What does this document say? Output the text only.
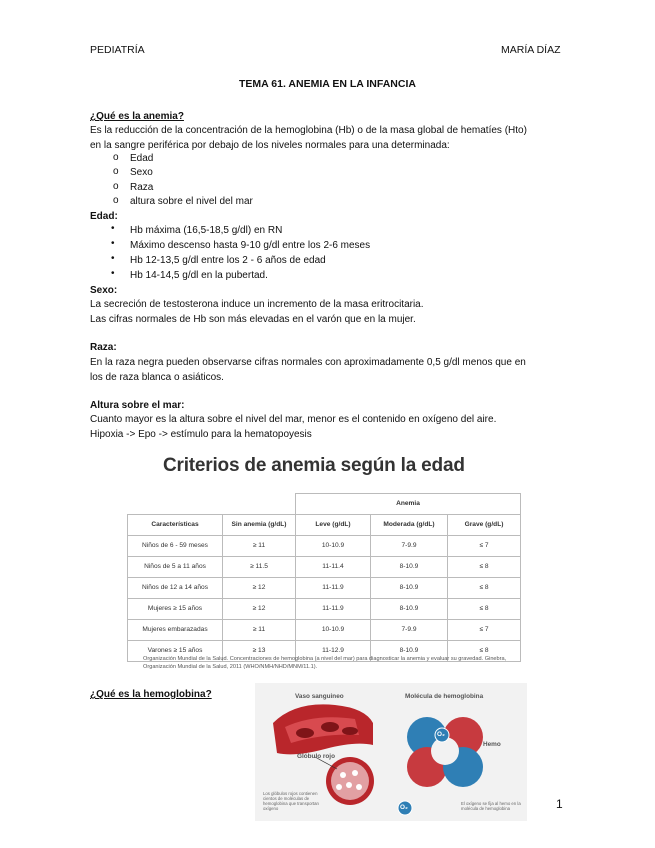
PEDIATRÍA	MARÍA DÍAZ
TEMA 61. ANEMIA EN LA INFANCIA
¿Qué es la anemia?
Es la reducción de la concentración de la hemoglobina (Hb) o de la masa global de hematíes (Hto)
en la sangre periférica por debajo de los niveles normales para una determinada:
o Edad
o Sexo
o Raza
o altura sobre el nivel del mar
Edad:
• Hb máxima (16,5-18,5 g/dl) en RN
• Máximo descenso hasta 9-10 g/dl entre los 2-6 meses
• Hb 12-13,5 g/dl entre los 2 - 6 años de edad
• Hb 14-14,5 g/dl en la pubertad.
Sexo:
La secreción de testosterona induce un incremento de la masa eritrocitaria.
Las cifras normales de Hb son más elevadas en el varón que en la mujer.
Raza:
En la raza negra pueden observarse cifras normales con aproximadamente 0,5 g/dl menos que en
los de raza blanca o asiáticos.
Altura sobre el mar:
Cuanto mayor es la altura sobre el nivel del mar, menor es el contenido en oxígeno del aire.
Hipoxia -> Epo -> estímulo para la hematopoyesis
Criterios de anemia según la edad
		Anemia		
Características	Sin anemia (g/dL)	Leve (g/dL)	Moderada (g/dL)	Grave (g/dL)
Niños de 6 - 59 meses	≥ 11	10-10.9	7-9.9	≤ 7
Niños de 5 a 11 años	≥ 11.5	11-11.4	8-10.9	≤ 8
Niños de 12 a 14 años	≥ 12	11-11.9	8-10.9	≤ 8
Mujeres ≥ 15 años	≥ 12	11-11.9	8-10.9	≤ 8
Mujeres embarazadas	≥ 11	10-10.9	7-9.9	≤ 7
Varones ≥ 15 años	≥ 13	11-12.9	8-10.9	≤ 8
Organización Mundial de la Salud. Concentraciones de hemoglobina (a nivel del mar) para diagnosticar la anemia y evaluar su gravedad. Ginebra, Organización Mundial de la Salud, 2011 (WHO/NMH/NHD/MNM/11.1).
¿Qué es la hemoglobina?	Vaso sanguineo	Molécula de hemoglobina
Glóbulo rojo
Hemo
O₂
O₂
Los glóbulos rojos contienen cientos de moléculas de hemoglobina que transportan oxígeno
El oxígeno se fija al hemo en la molécula de hemoglobina	1
